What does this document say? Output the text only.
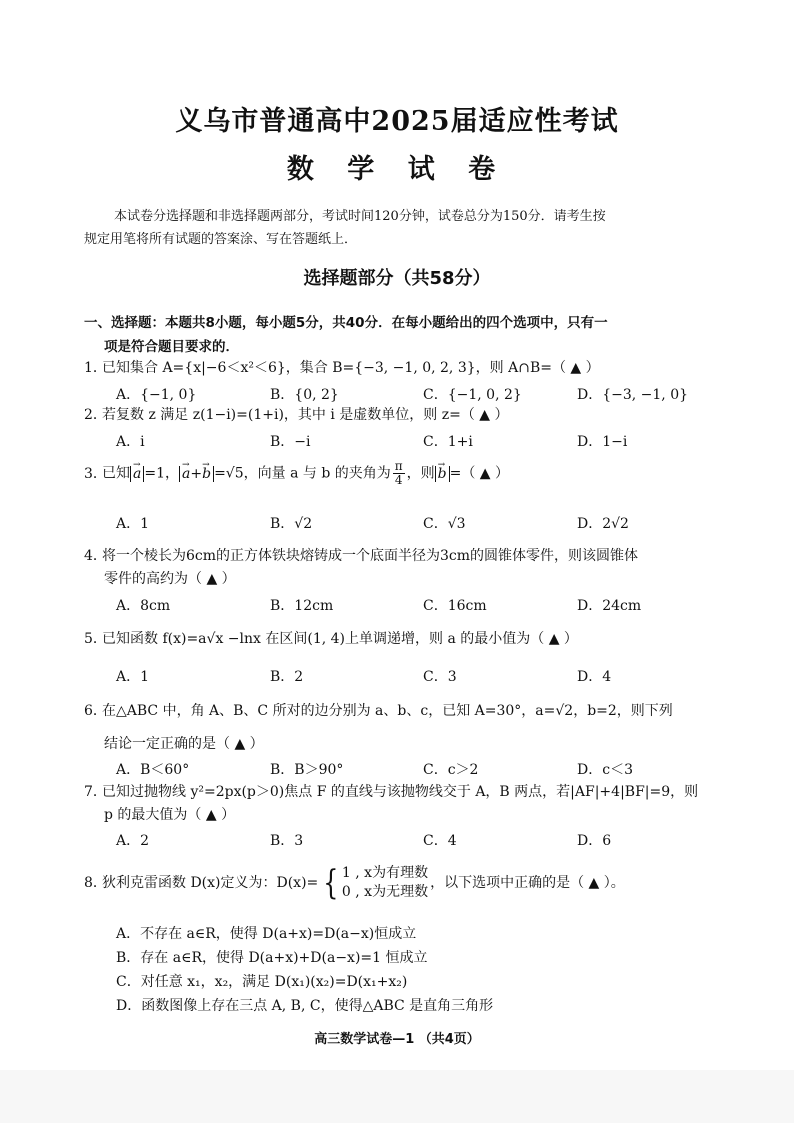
义乌市普通高中2025届适应性考试
数 学 试 卷
本试卷分选择题和非选择题两部分，考试时间120分钟，试卷总分为150分．请考生按
规定用笔将所有试题的答案涂、写在答题纸上．
选择题部分（共58分）
一、选择题：本题共8小题，每小题5分，共40分．在每小题给出的四个选项中，只有一
项是符合题目要求的．
1．已知集合 A={x|−6＜x²＜6}，集合 B={−3, −1, 0, 2, 3}，则 A∩B=（ ▲ ）
A．{−1, 0}	B．{0, 2}	C．{−1, 0, 2}	D．{−3, −1, 0}
2．若复数 z 满足 z(1−i)=(1+i)，其中 i 是虚数单位，则 z=（ ▲ ）
A．i	B．−i	C．1+i	D．1−i
3．已知 a → =1， a →+b → =√5，向量 a 与 b 的夹角为 $\frac{\pi}{4}$ ，则 b → =（ ▲ ）
A．1	B．√2	C．√3	D．2√2
4．将一个棱长为6cm的正方体铁块熔铸成一个底面半径为3cm的圆锥体零件，则该圆锥体
零件的高约为（ ▲ ）
A．8cm	B．12cm	C．16cm	D．24cm
5．已知函数 f(x)=a√x −lnx 在区间(1, 4)上单调递增，则 a 的最小值为（ ▲ ）
A．1	B．2	C．3	D．4
6．在△ABC 中，角 A、B、C 所对的边分别为 a、b、c，已知 A=30°，a=√2，b=2，则下列
结论一定正确的是（ ▲ ）
A．B＜60°	B．B＞90°	C．c＞2	D．c＜3
7．已知过抛物线 y²=2px(p＞0)焦点 F 的直线与该抛物线交于 A，B 两点，若|AF|+4|BF|=9，则
p 的最大值为（ ▲ ）
A．2	B．3	C．4	D．6
8．狄利克雷函数 D(x)定义为：D(x)= { 1 , x为有理数
0 , x为无理数
，以下选项中正确的是（ ▲ ）。
A．不存在 a∈R，使得 D(a+x)=D(a−x)恒成立
B．存在 a∈R，使得 D(a+x)+D(a−x)=1 恒成立
C．对任意 x₁，x₂，满足 D(x₁)(x₂)=D(x₁+x₂)
D．函数图像上存在三点 A, B, C，使得△ABC 是直角三角形
高三数学试卷—1 （共4页）
